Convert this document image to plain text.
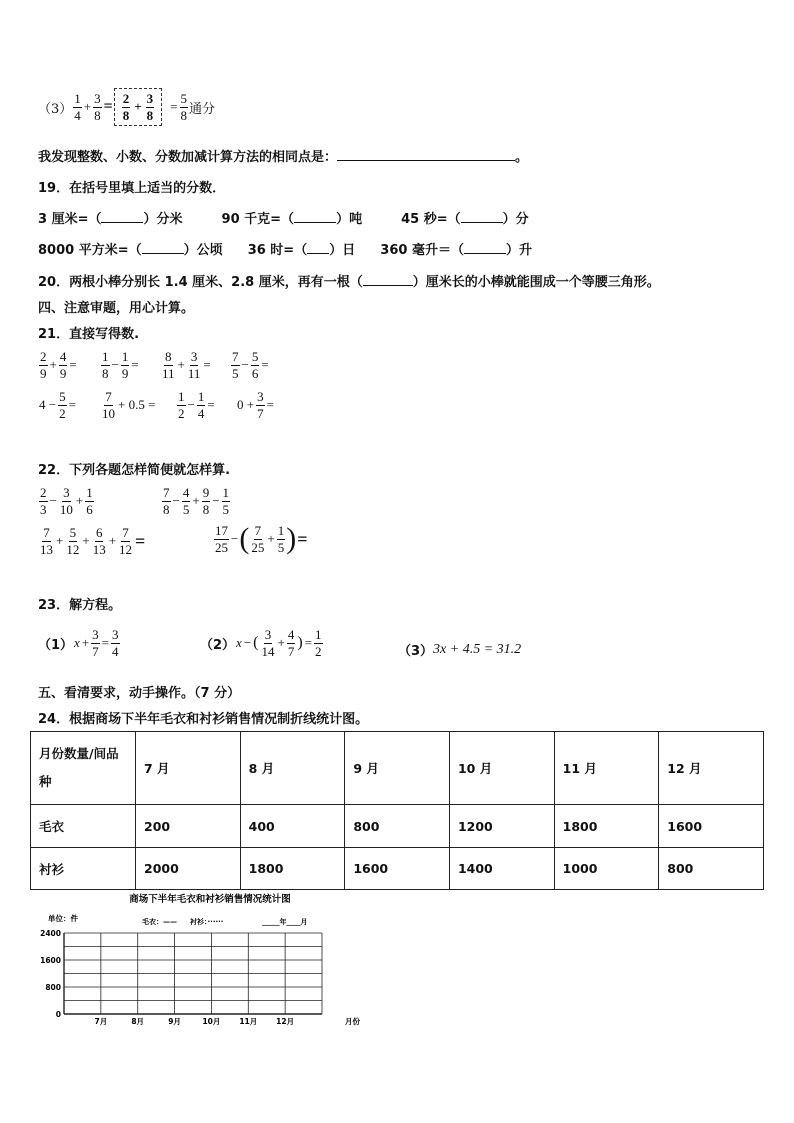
$(3) \frac{1}{4} + \frac{3}{8} = \frac{2}{8} + \frac{3}{8} = \frac{5}{8}$ 通分
我发现整数、小数、分数加减计算方法的相同点是：	。
19．在括号里填上适当的分数．
3 厘米=（	）分米	90 千克=（	）吨	45 秒=（	）分
8000 平方米=（	）公顷 36 时=（ ）日 360 毫升＝（	）升
20．两根小棒分别长 1.4 厘米、2.8 厘米，再有一根（	）厘米长的小棒就能围成一个等腰三角形。
四、注意审题，用心计算。
21．直接写得数.
$\frac{2}{9} + \frac{4}{9} = \frac{1}{8} - \frac{1}{9} = \frac{8}{11} + \frac{3}{11} = \frac{7}{5} - \frac{5}{6}$ =
$4 - \frac{5}{2} = \frac{7}{10} + 0.5 = \frac{1}{2} - \frac{1}{4} = 0 + \frac{3}{7}$ =
22．下列各题怎样简便就怎样算.
$\frac{2}{3} - \frac{3}{10} + \frac{1}{6}$	$\frac{7}{8} - \frac{4}{5} + \frac{9}{8} - \frac{1}{5}$
$\frac{7}{13} + \frac{5}{12} + \frac{6}{13} + \frac{7}{12}$ =	$\frac{17}{25}$ − ( $\frac{7}{25} + \frac{1}{5}$ ) =
23．解方程。
（1） $x + \frac{3}{7} = \frac{3}{4}$	（2） x − ( $\frac{3}{14} + \frac{4}{7}$ ) = $\frac{1}{2}$	（3） 3x + 4.5 = 31.2
五、看清要求，动手操作。（7 分）
24．根据商场下半年毛衣和衬衫销售情况制折线统计图。
月份数量/间品
种	7 月	8 月	9 月	10 月	11 月	12 月
毛衣	200	400	800	1200	1800	1600
衬衫	2000	1800	1600	1400	1000	800
商场下半年毛衣和衬衫销售情况统计图
单位：件	毛衣：—— 衬衫：······	_____年____月
0
800
1600
2400
7月	8月	9月	10月	11月	12月	月份
